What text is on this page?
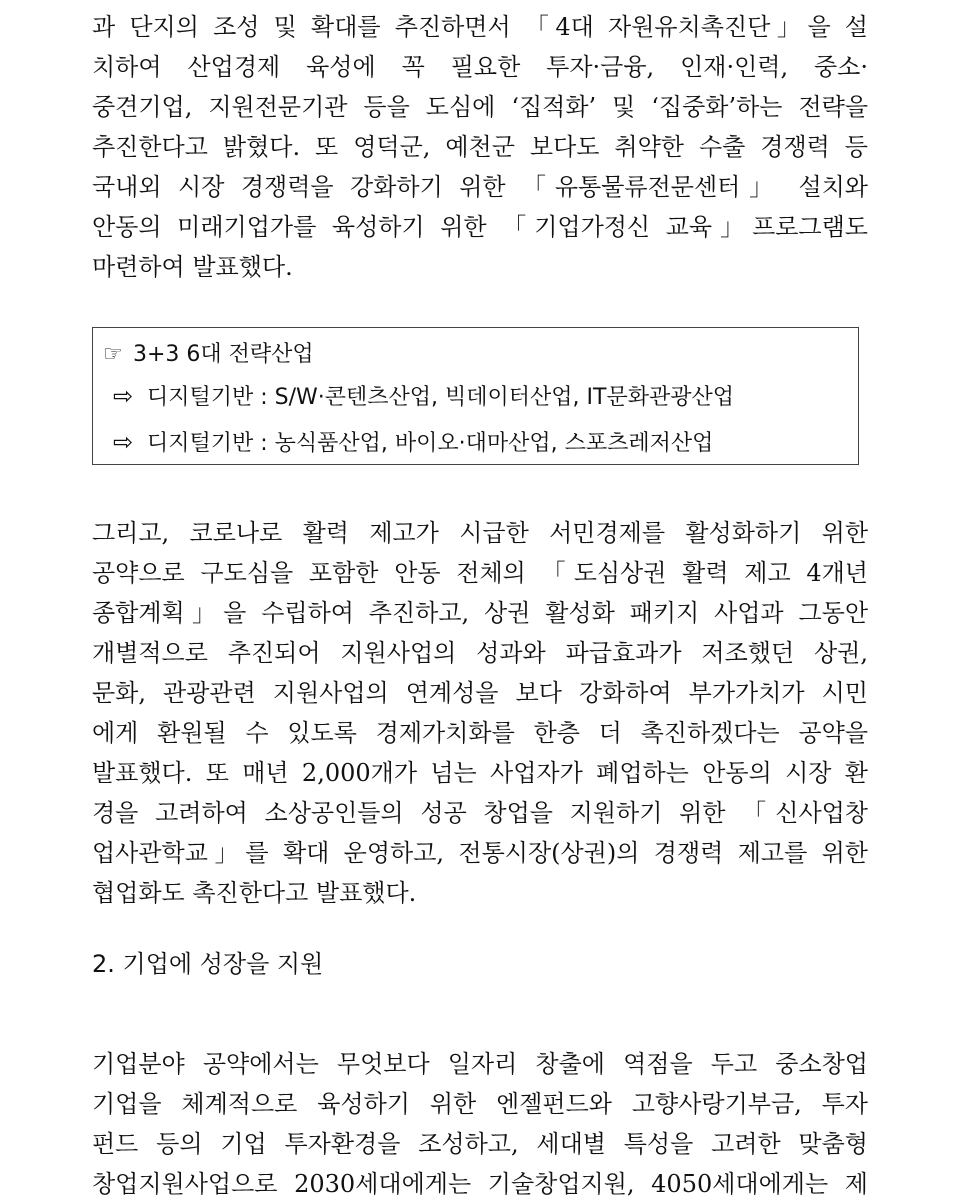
과 단지의 조성 및 확대를 추진하면서 「4대 자원유치촉진단」을 설
치하여 산업경제 육성에 꼭 필요한 투자·금융, 인재·인력, 중소·
중견기업, 지원전문기관 등을 도심에 ‘집적화’ 및 ‘집중화’하는 전략을
추진한다고 밝혔다. 또 영덕군, 예천군 보다도 취약한 수출 경쟁력 등
국내외 시장 경쟁력을 강화하기 위한 「유통물류전문센터」 설치와
안동의 미래기업가를 육성하기 위한 「기업가정신 교육」프로그램도
마련하여 발표했다.
☞ 3+3 6대 전략산업
⇨ 디지털기반 : S/W·콘텐츠산업, 빅데이터산업, IT문화관광산업
⇨ 디지털기반 : 농식품산업, 바이오·대마산업, 스포츠레저산업
그리고, 코로나로 활력 제고가 시급한 서민경제를 활성화하기 위한
공약으로 구도심을 포함한 안동 전체의 「도심상권 활력 제고 4개년
종합계획」을 수립하여 추진하고, 상권 활성화 패키지 사업과 그동안
개별적으로 추진되어 지원사업의 성과와 파급효과가 저조했던 상권,
문화, 관광관련 지원사업의 연계성을 보다 강화하여 부가가치가 시민
에게 환원될 수 있도록 경제가치화를 한층 더 촉진하겠다는 공약을
발표했다. 또 매년 2,000개가 넘는 사업자가 폐업하는 안동의 시장 환
경을 고려하여 소상공인들의 성공 창업을 지원하기 위한 「신사업창
업사관학교」를 확대 운영하고, 전통시장(상권)의 경쟁력 제고를 위한
협업화도 촉진한다고 발표했다.
2. 기업에 성장을 지원
기업분야 공약에서는 무엇보다 일자리 창출에 역점을 두고 중소창업
기업을 체계적으로 육성하기 위한 엔젤펀드와 고향사랑기부금, 투자
펀드 등의 기업 투자환경을 조성하고, 세대별 특성을 고려한 맞춤형
창업지원사업으로 2030세대에게는 기술창업지원, 4050세대에게는 제
